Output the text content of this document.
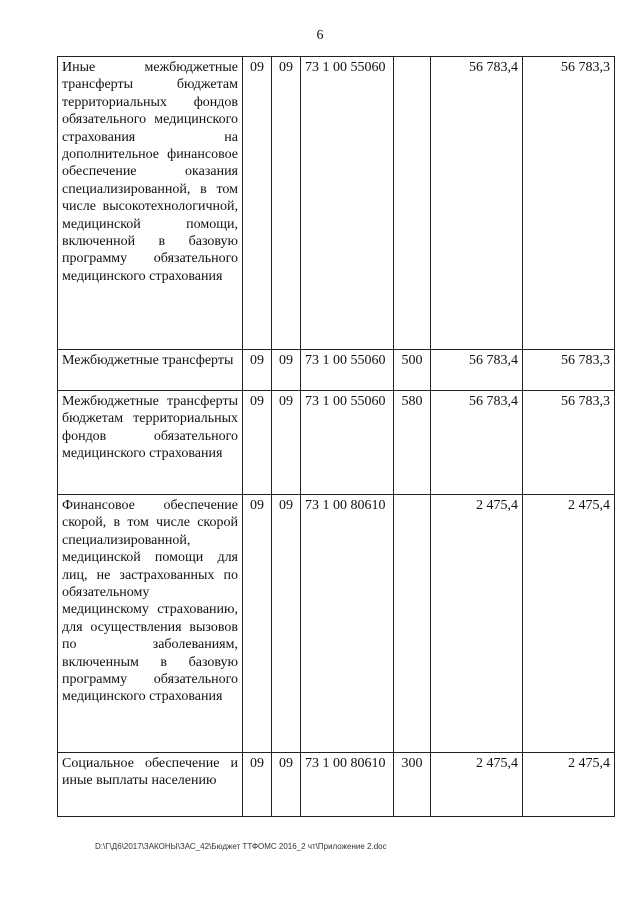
6
Иные межбюджетные трансферты бюджетам территориальных фондов обязательного медицинского страхования на дополнительное финансовое обеспечение оказания специализированной, в том числе высокотехнологичной, медицинской помощи, включенной в базовую программу обязательного медицинского страхования	09	09	73 1 00 55060		56 783,4	56 783,3
Межбюджетные трансферты	09	09	73 1 00 55060	500	56 783,4	56 783,3
Межбюджетные трансферты бюджетам территориальных фондов обязательного медицинского страхования	09	09	73 1 00 55060	580	56 783,4	56 783,3
Финансовое обеспечение скорой, в том числе скорой специализированной, медицинской помощи для лиц, не застрахованных по обязательному медицинскому страхованию, для осуществления вызовов по заболеваниям, включенным в базовую программу обязательного медицинского страхования	09	09	73 1 00 80610		2 475,4	2 475,4
Социальное обеспечение и иные выплаты населению	09	09	73 1 00 80610	300	2 475,4	2 475,4
D:\Г\Д6\2017\ЗАКОНЫ\ЗАС_42\Бюджет ТТФОМС 2016_2 чт\Приложение 2.doc
